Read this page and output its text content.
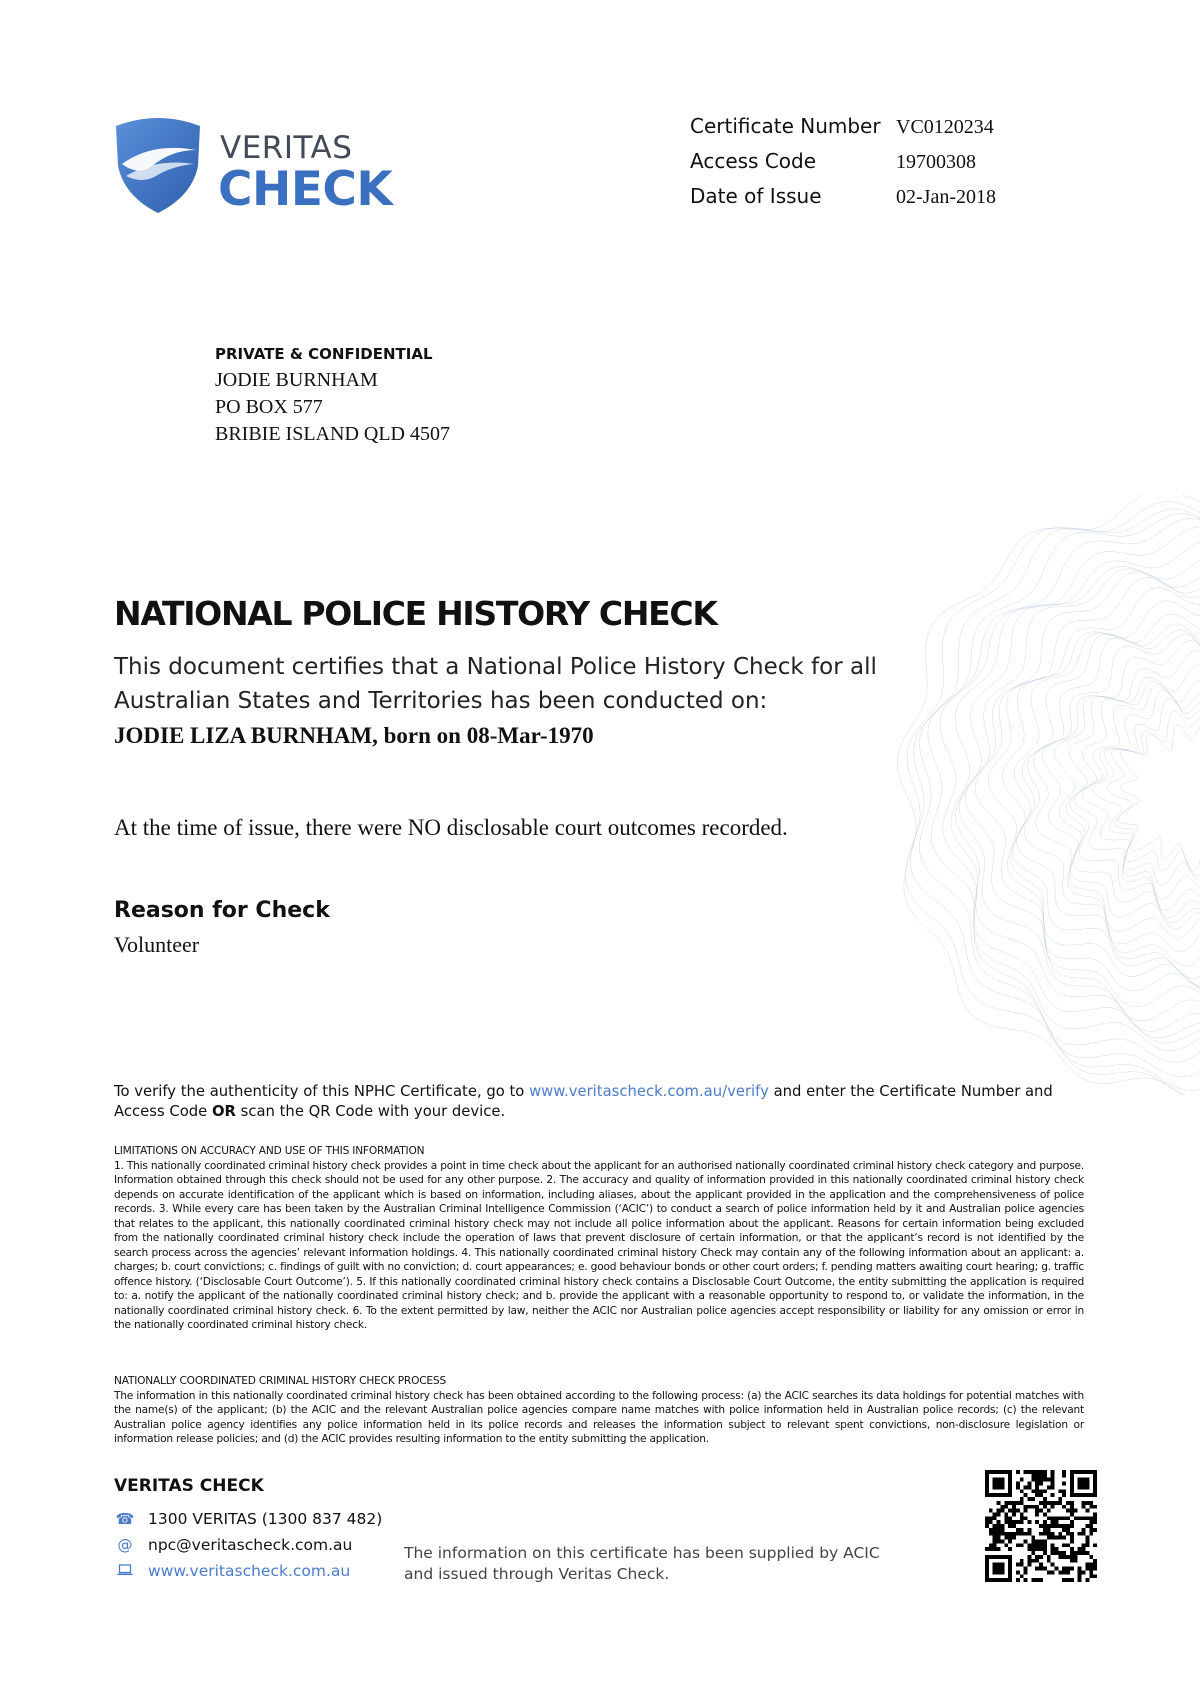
VERITAS
CHECK
Certificate Number VC0120234
Access Code	19700308
Date of Issue	02-Jan-2018
PRIVATE & CONFIDENTIAL
JODIE BURNHAM
PO BOX 577
BRIBIE ISLAND QLD 4507
NATIONAL POLICE HISTORY CHECK
This document certifies that a National Police History Check for all Australian States and Territories has been conducted on:
JODIE LIZA BURNHAM, born on 08-Mar-1970
At the time of issue, there were NO disclosable court outcomes recorded.
Reason for Check
Volunteer
To verify the authenticity of this NPHC Certificate, go to www.veritascheck.com.au/verify and enter the Certificate Number and Access Code OR scan the QR Code with your device.
LIMITATIONS ON ACCURACY AND USE OF THIS INFORMATION
1. This nationally coordinated criminal history check provides a point in time check about the applicant for an authorised nationally coordinated criminal history check category and purpose. Information obtained through this check should not be used for any other purpose. 2. The accuracy and quality of information provided in this nationally coordinated criminal history check depends on accurate identification of the applicant which is based on information, including aliases, about the applicant provided in the application and the comprehensiveness of police records. 3. While every care has been taken by the Australian Criminal Intelligence Commission (‘ACIC’) to conduct a search of police information held by it and Australian police agencies that relates to the applicant, this nationally coordinated criminal history check may not include all police information about the applicant. Reasons for certain information being excluded from the nationally coordinated criminal history check include the operation of laws that prevent disclosure of certain information, or that the applicant’s record is not identified by the search process across the agencies’ relevant information holdings. 4. This nationally coordinated criminal history Check may contain any of the following information about an applicant: a. charges; b. court convictions; c. findings of guilt with no conviction; d. court appearances; e. good behaviour bonds or other court orders; f. pending matters awaiting court hearing; g. traffic offence history. (‘Disclosable Court Outcome’). 5. If this nationally coordinated criminal history check contains a Disclosable Court Outcome, the entity submitting the application is required to: a. notify the applicant of the nationally coordinated criminal history check; and b. provide the applicant with a reasonable opportunity to respond to, or validate the information, in the nationally coordinated criminal history check. 6. To the extent permitted by law, neither the ACIC nor Australian police agencies accept responsibility or liability for any omission or error in the nationally coordinated criminal history check.
NATIONALLY COORDINATED CRIMINAL HISTORY CHECK PROCESS
The information in this nationally coordinated criminal history check has been obtained according to the following process: (a) the ACIC searches its data holdings for potential matches with the name(s) of the applicant; (b) the ACIC and the relevant Australian police agencies compare name matches with police information held in Australian police records; (c) the relevant Australian police agency identifies any police information held in its police records and releases the information subject to relevant spent convictions, non-disclosure legislation or information release policies; and (d) the ACIC provides resulting information to the entity submitting the application.
VERITAS CHECK
☎ 1300 VERITAS (1300 837 482)
@ npc@veritascheck.com.au
www.veritascheck.com.au
The information on this certificate has been supplied by ACIC and issued through Veritas Check.
